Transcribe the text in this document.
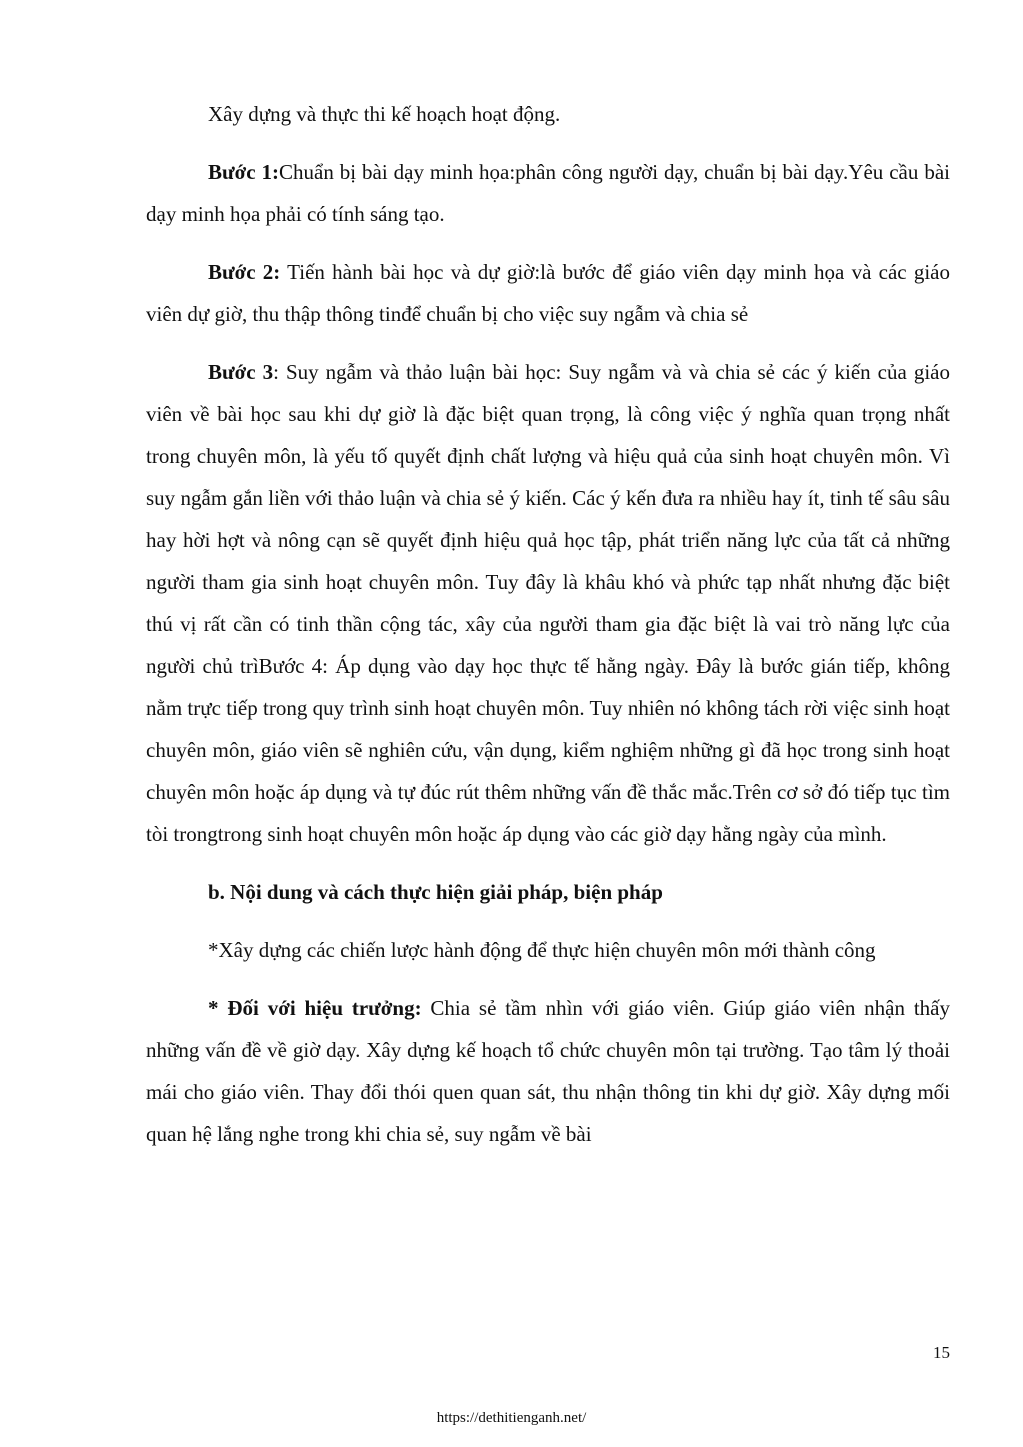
Xây dựng và thực thi kế hoạch hoạt động.

Bước 1:Chuẩn bị bài dạy minh họa:phân công người dạy, chuẩn bị bài dạy.Yêu cầu bài dạy minh họa phải có tính sáng tạo.

Bước 2: Tiến hành bài học và dự giờ:là bước để giáo viên dạy minh họa và các giáo viên dự giờ, thu thập thông tinđể chuẩn bị cho việc suy ngẫm và chia sẻ

Bước 3: Suy ngẫm và thảo luận bài học: Suy ngẫm và và chia sẻ các ý kiến của giáo viên về bài học sau khi dự giờ là đặc biệt quan trọng, là công việc ý nghĩa quan trọng nhất trong chuyên môn, là yếu tố quyết định chất lượng và hiệu quả của sinh hoạt chuyên môn. Vì suy ngẫm gắn liền với thảo luận và chia sẻ ý kiến. Các ý kến đưa ra nhiều hay ít, tinh tế sâu sâu hay hời hợt và nông cạn sẽ quyết định hiệu quả học tập, phát triển năng lực của tất cả những người tham gia sinh hoạt chuyên môn. Tuy đây là khâu khó và phức tạp nhất nhưng đặc biệt thú vị rất cần có tinh thần cộng tác, xây của người tham gia đặc biệt là vai trò năng lực của người chủ trìBước 4: Áp dụng vào dạy học thực tế hằng ngày. Đây là bước gián tiếp, không nằm trực tiếp trong quy trình sinh hoạt chuyên môn. Tuy nhiên nó không tách rời việc sinh hoạt chuyên môn, giáo viên sẽ nghiên cứu, vận dụng, kiểm nghiệm những gì đã học trong sinh hoạt chuyên môn hoặc áp dụng và tự đúc rút thêm những vấn đề thắc mắc.Trên cơ sở đó tiếp tục tìm tòi trongtrong sinh hoạt chuyên môn hoặc áp dụng vào các giờ dạy hằng ngày của mình.

b. Nội dung và cách thực hiện giải pháp, biện pháp

*Xây dựng các chiến lược hành động để thực hiện chuyên môn mới thành công

* Đối với hiệu trưởng: Chia sẻ tầm nhìn với giáo viên. Giúp giáo viên nhận thấy những vấn đề về giờ dạy. Xây dựng kế hoạch tổ chức chuyên môn tại trường. Tạo tâm lý thoải mái cho giáo viên. Thay đổi thói quen quan sát, thu nhận thông tin khi dự giờ. Xây dựng mối quan hệ lắng nghe trong khi chia sẻ, suy ngẫm về bài

15
https://dethitienganh.net/
